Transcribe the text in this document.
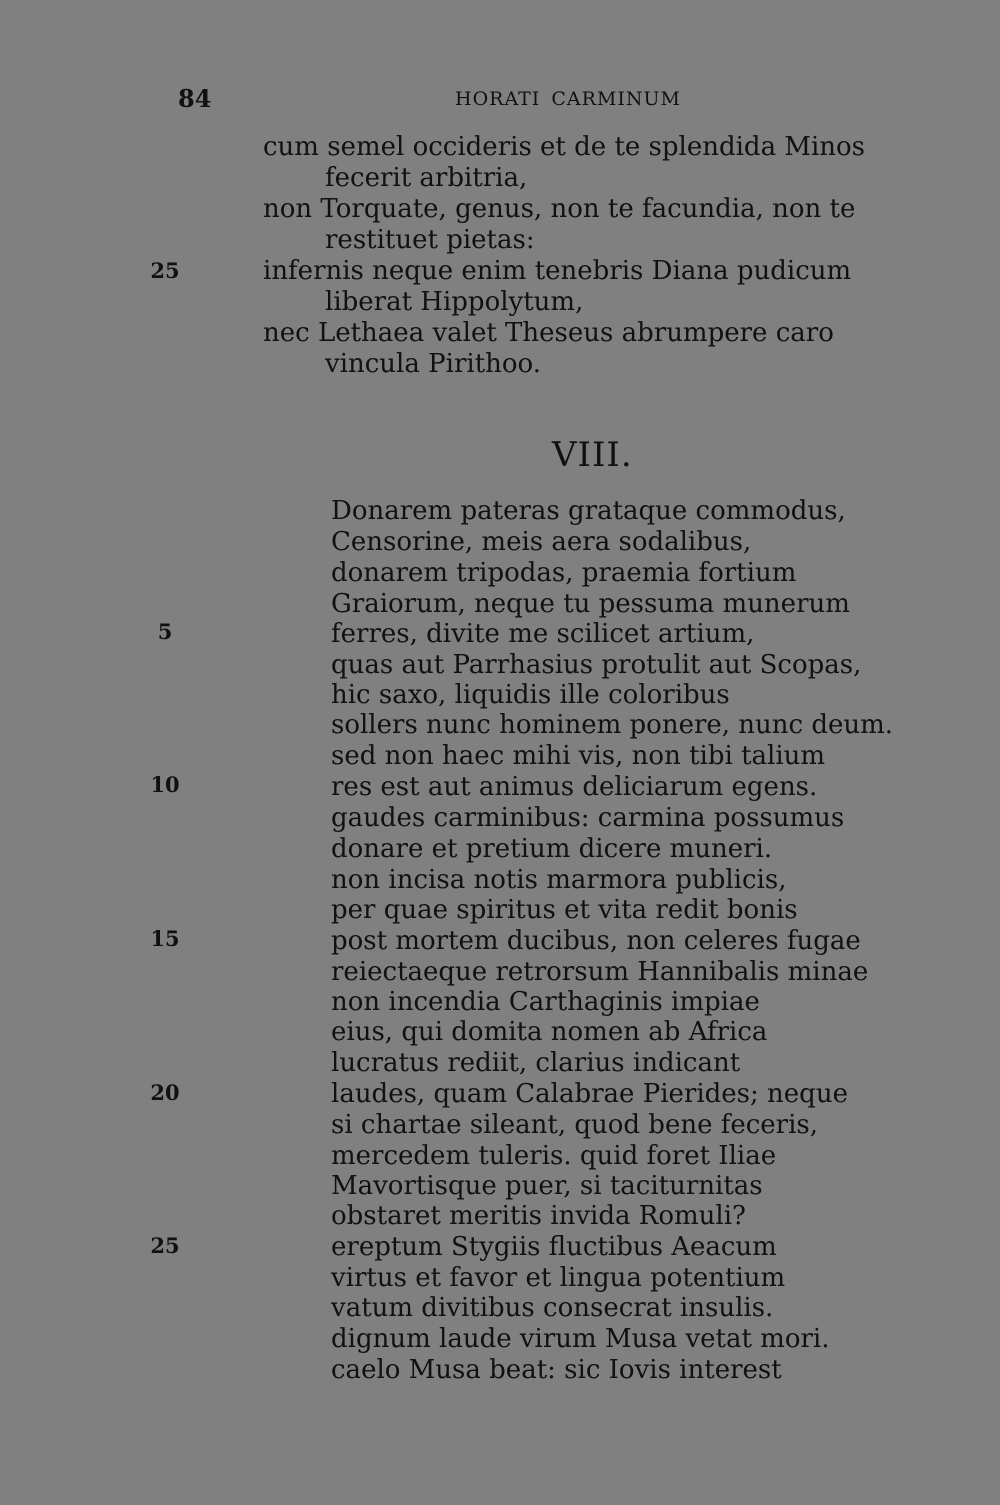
84	HORATI CARMINUM
cum semel occideris et de te splendida Minos
fecerit arbitria,
non Torquate, genus, non te facundia, non te
restituet pietas:
25	infernis neque enim tenebris Diana pudicum
liberat Hippolytum,
nec Lethaea valet Theseus abrumpere caro
vincula Pirithoo.
VIII.
Donarem pateras grataque commodus,
Censorine, meis aera sodalibus,
donarem tripodas, praemia fortium
Graiorum, neque tu pessuma munerum
5	ferres, divite me scilicet artium,
quas aut Parrhasius protulit aut Scopas,
hic saxo, liquidis ille coloribus
sollers nunc hominem ponere, nunc deum.
sed non haec mihi vis, non tibi talium
10	res est aut animus deliciarum egens.
gaudes carminibus: carmina possumus
donare et pretium dicere muneri.
non incisa notis marmora publicis,
per quae spiritus et vita redit bonis
15	post mortem ducibus, non celeres fugae
reiectaeque retrorsum Hannibalis minae
non incendia Carthaginis impiae
eius, qui domita nomen ab Africa
lucratus rediit, clarius indicant
20	laudes, quam Calabrae Pierides; neque
si chartae sileant, quod bene feceris,
mercedem tuleris. quid foret Iliae
Mavortisque puer, si taciturnitas
obstaret meritis invida Romuli?
25	ereptum Stygiis fluctibus Aeacum
virtus et favor et lingua potentium
vatum divitibus consecrat insulis.
dignum laude virum Musa vetat mori.
caelo Musa beat: sic Iovis interest
